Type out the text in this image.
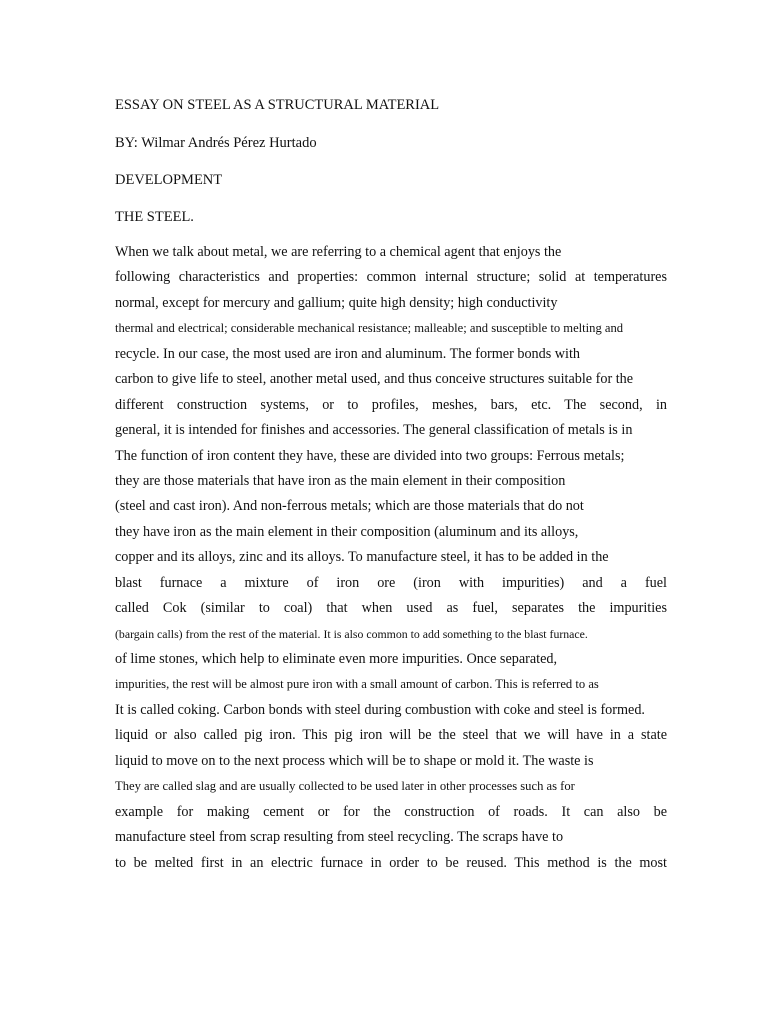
ESSAY ON STEEL AS A STRUCTURAL MATERIAL
BY: Wilmar Andrés Pérez Hurtado
DEVELOPMENT
THE STEEL.
When we talk about metal, we are referring to a chemical agent that enjoys the
following characteristics and properties: common internal structure; solid at temperatures
normal, except for mercury and gallium; quite high density; high conductivity
thermal and electrical; considerable mechanical resistance; malleable; and susceptible to melting and
recycle. In our case, the most used are iron and aluminum. The former bonds with
carbon to give life to steel, another metal used, and thus conceive structures suitable for the
different construction systems, or to profiles, meshes, bars, etc. The second, in
general, it is intended for finishes and accessories. The general classification of metals is in
The function of iron content they have, these are divided into two groups: Ferrous metals;
they are those materials that have iron as the main element in their composition
(steel and cast iron). And non-ferrous metals; which are those materials that do not
they have iron as the main element in their composition (aluminum and its alloys,
copper and its alloys, zinc and its alloys. To manufacture steel, it has to be added in the
blast furnace a mixture of iron ore (iron with impurities) and a fuel
called Cok (similar to coal) that when used as fuel, separates the impurities
(bargain calls) from the rest of the material. It is also common to add something to the blast furnace.
of lime stones, which help to eliminate even more impurities. Once separated,
impurities, the rest will be almost pure iron with a small amount of carbon. This is referred to as
It is called coking. Carbon bonds with steel during combustion with coke and steel is formed.
liquid or also called pig iron. This pig iron will be the steel that we will have in a state
liquid to move on to the next process which will be to shape or mold it. The waste is
They are called slag and are usually collected to be used later in other processes such as for
example for making cement or for the construction of roads. It can also be
manufacture steel from scrap resulting from steel recycling. The scraps have to
to be melted first in an electric furnace in order to be reused. This method is the most
